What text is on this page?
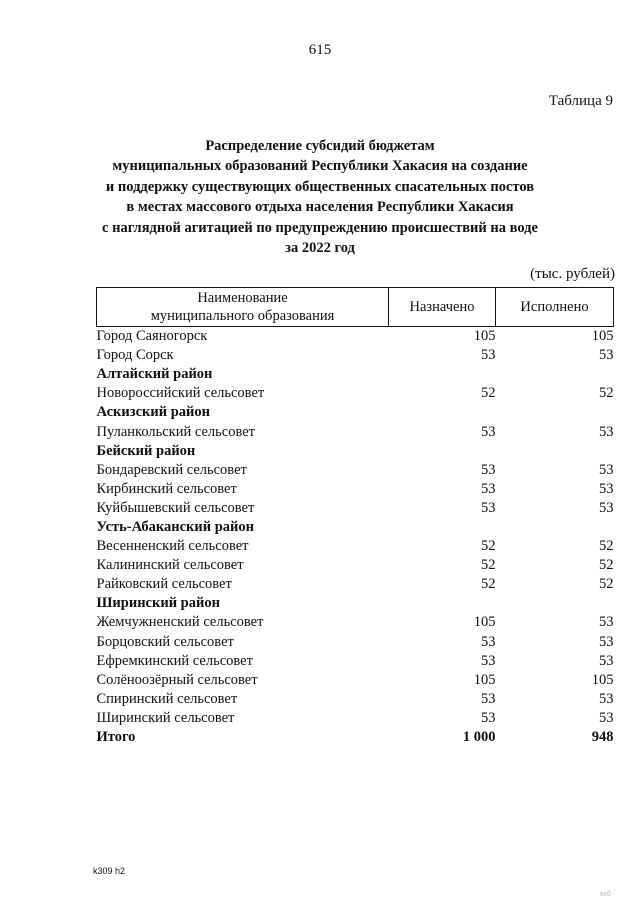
615
Таблица 9
Распределение субсидий бюджетам
муниципальных образований Республики Хакасия на создание
и поддержку существующих общественных спасательных постов
в местах массового отдыха населения Республики Хакасия
с наглядной агитацией по предупреждению происшествий на воде
за 2022 год
(тыс. рублей)
Наименование
муниципального образования	Назначено	Исполнено
Город Саяногорск	105	105
Город Сорск	53	53
Алтайский район		
Новороссийский сельсовет	52	52
Аскизский район		
Пуланкольский сельсовет	53	53
Бейский район		
Бондаревский сельсовет	53	53
Кирбинский сельсовет	53	53
Куйбышевский сельсовет	53	53
Усть-Абаканский район		
Весенненский сельсовет	52	52
Калининский сельсовет	52	52
Райковский сельсовет	52	52
Ширинский район		
Жемчужненский сельсовет	105	53
Борцовский сельсовет	53	53
Ефремкинский сельсовет	53	53
Солёноозёрный сельсовет	105	105
Спиринский сельсовет	53	53
Ширинский сельсовет	53	53
Итого	1 000	948
k309 h2
вкб
